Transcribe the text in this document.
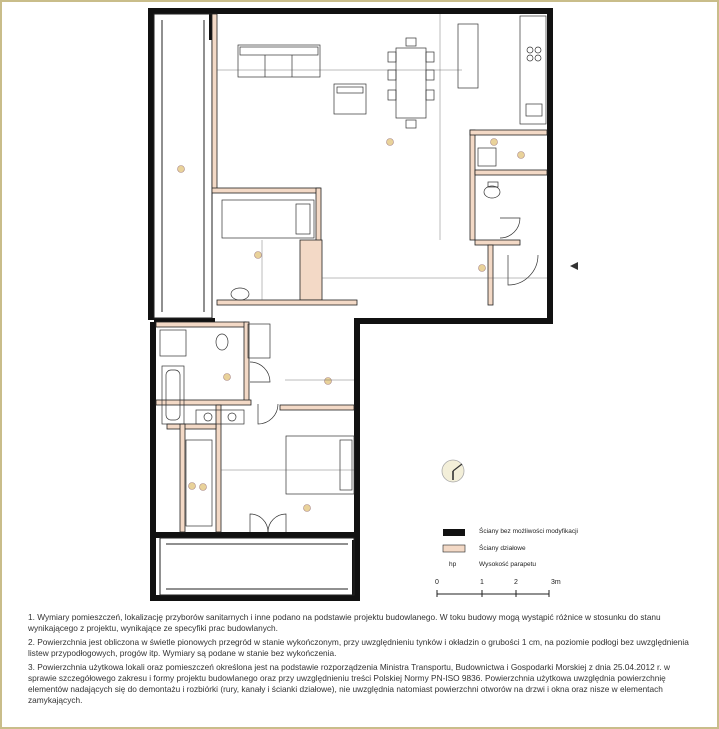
Ściany bez możliwości modyfikacji
Ściany działowe
hp	Wysokość parapetu
0	1	2	3m

1. Wymiary pomieszczeń, lokalizację przyborów sanitarnych i inne podano na podstawie projektu budowlanego. W toku budowy mogą wystąpić różnice w stosunku do stanu wynikającego z projektu, wynikające ze specyfiki prac budowlanych.

2. Powierzchnia jest obliczona w świetle pionowych przegród w stanie wykończonym, przy uwzględnieniu tynków i okładzin o grubości 1 cm, na poziomie podłogi bez uwzględnienia listew przypodłogowych, progów itp. Wymiary są podane w stanie bez wykończenia.

3. Powierzchnia użytkowa lokali oraz pomieszczeń określona jest na podstawie rozporządzenia Ministra Transportu, Budownictwa i Gospodarki Morskiej z dnia 25.04.2012 r. w sprawie szczegółowego zakresu i formy projektu budowlanego oraz przy uwzględnieniu treści Polskiej Normy PN-ISO 9836. Powierzchnia użytkowa uwzględnia powierzchnię elementów nadających się do demontażu i rozbiórki (rury, kanały i ścianki działowe), nie uwzględnia natomiast powierzchni otworów na drzwi i okna oraz nisze w elementach zamykających.
